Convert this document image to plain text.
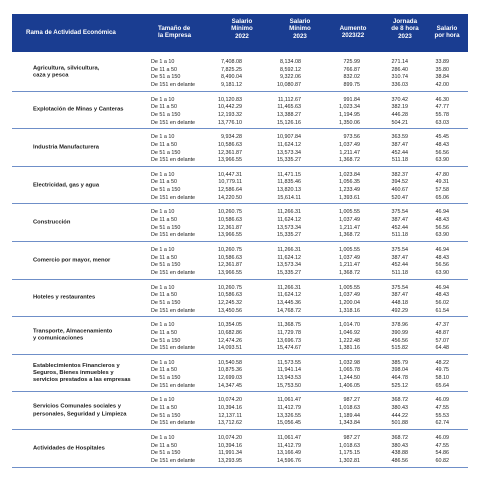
Rama de Actividad Económica
Tamaño de
la Empresa
Salario
Mínimo
2022
Salario
Mínimo
2023
Aumento
2023/22
Jornada
de 8 hora
2023
Salario
por hora
Agricultura, silvicultura,
caza y pesca
De 1 a 10	7,408.08	8,134.08	725.99	271.14	33.89
De 11 a 50	7,825.25	8,592.12	766.87	286.40	35.80
De 51 a 150	8,490.04	9,322.06	832.02	310.74	38.84
De 151 en delante	9,181.12	10,080.87	899.75	336.03	42.00
Explotación de Minas y Canteras
De 1 a 10	10,120.83	11,112.67	991.84	370.42	46.30
De 11 a 50	10,442.29	11,465.63	1,023.34	382.19	47.77
De 51 a 150	12,193.32	13,388.27	1,194.95	446.28	55.78
De 151 en delante	13,776.10	15,126.16	1,350.06	504.21	63.03
Industria Manufacturera
De 1 a 10	9,934.28	10,907.84	973.56	363.59	45.45
De 11 a 50	10,586.63	11,624.12	1,037.49	387.47	48.43
De 51 a 150	12,361.87	13,573.34	1,211.47	452.44	56.56
De 151 en delante	13,966.55	15,335.27	1,368.72	511.18	63.90
Electricidad, gas y agua
De 1 a 10	10,447.31	11,471.15	1,023.84	382.37	47.80
De 11 a 50	10,779.11	11,835.46	1,056.35	394.52	49.31
De 51 a 150	12,586.64	13,820.13	1,233.49	460.67	57.58
De 151 en delante	14,220.50	15,614.11	1,393.61	520.47	65.06
Construcción
De 1 a 10	10,260.75	11,266.31	1,005.55	375.54	46.94
De 11 a 50	10,586.63	11,624.12	1,037.49	387.47	48.43
De 51 a 150	12,361.87	13,573.34	1,211.47	452.44	56.56
De 151 en delante	13,966.55	15,335.27	1,368.72	511.18	63.90
Comercio por mayor, menor
De 1 a 10	10,260.75	11,266.31	1,005.55	375.54	46.94
De 11 a 50	10,586.63	11,624.12	1,037.49	387.47	48.43
De 51 a 150	12,361.87	13,573.34	1,211.47	452.44	56.56
De 151 en delante	13,966.55	15,335.27	1,368.72	511.18	63.90
Hoteles y restaurantes
De 1 a 10	10,260.75	11,266.31	1,005.55	375.54	46.94
De 11 a 50	10,586.63	11,624.12	1,037.49	387.47	48.43
De 51 a 150	12,245.32	13,445.36	1,200.04	448.18	56.02
De 151 en delante	13,450.56	14,768.72	1,318.16	492.29	61.54
Transporte, Almacenamiento
y comunicaciones
De 1 a 10	10,354.05	11,368.75	1,014.70	378.96	47.37
De 11 a 50	10,682.86	11,729.78	1,046.92	390.99	48.87
De 51 a 150	12,474.26	13,696.73	1,222.48	456.56	57.07
De 151 en delante	14,093.51	15,474.67	1,381.16	515.82	64.48
Establecimientos Financieros y
Seguros, Bienes inmuebles y
servicios prestados a las empresas
De 1 a 10	10,540.58	11,573.55	1,032.98	385.79	48.22
De 11 a 50	10,875.36	11,941.14	1,065.78	398.04	49.75
De 51 a 150	12,699.03	13,943.53	1,244.50	464.78	58.10
De 151 en delante	14,347.45	15,753.50	1,406.05	525.12	65.64
Servicios Comunales sociales y
personales, Seguridad y Limpieza
De 1 a 10	10,074.20	11,061.47	987.27	368.72	46.09
De 11 a 50	10,394.16	11,412.79	1,018.63	380.43	47.55
De 51 a 150	12,137.11	13,326.55	1,189.44	444.22	55.53
De 151 en delante	13,712.62	15,056.45	1,343.84	501.88	62.74
Actividades de Hospitales
De 1 a 10	10,074.20	11,061.47	987.27	368.72	46.09
De 11 a 50	10,394.16	11,412.79	1,018.63	380.43	47.55
De 51 a 150	11,991.34	13,166.49	1,175.15	438.88	54.86
De 151 en delante	13,293.95	14,596.76	1,302.81	486.56	60.82
